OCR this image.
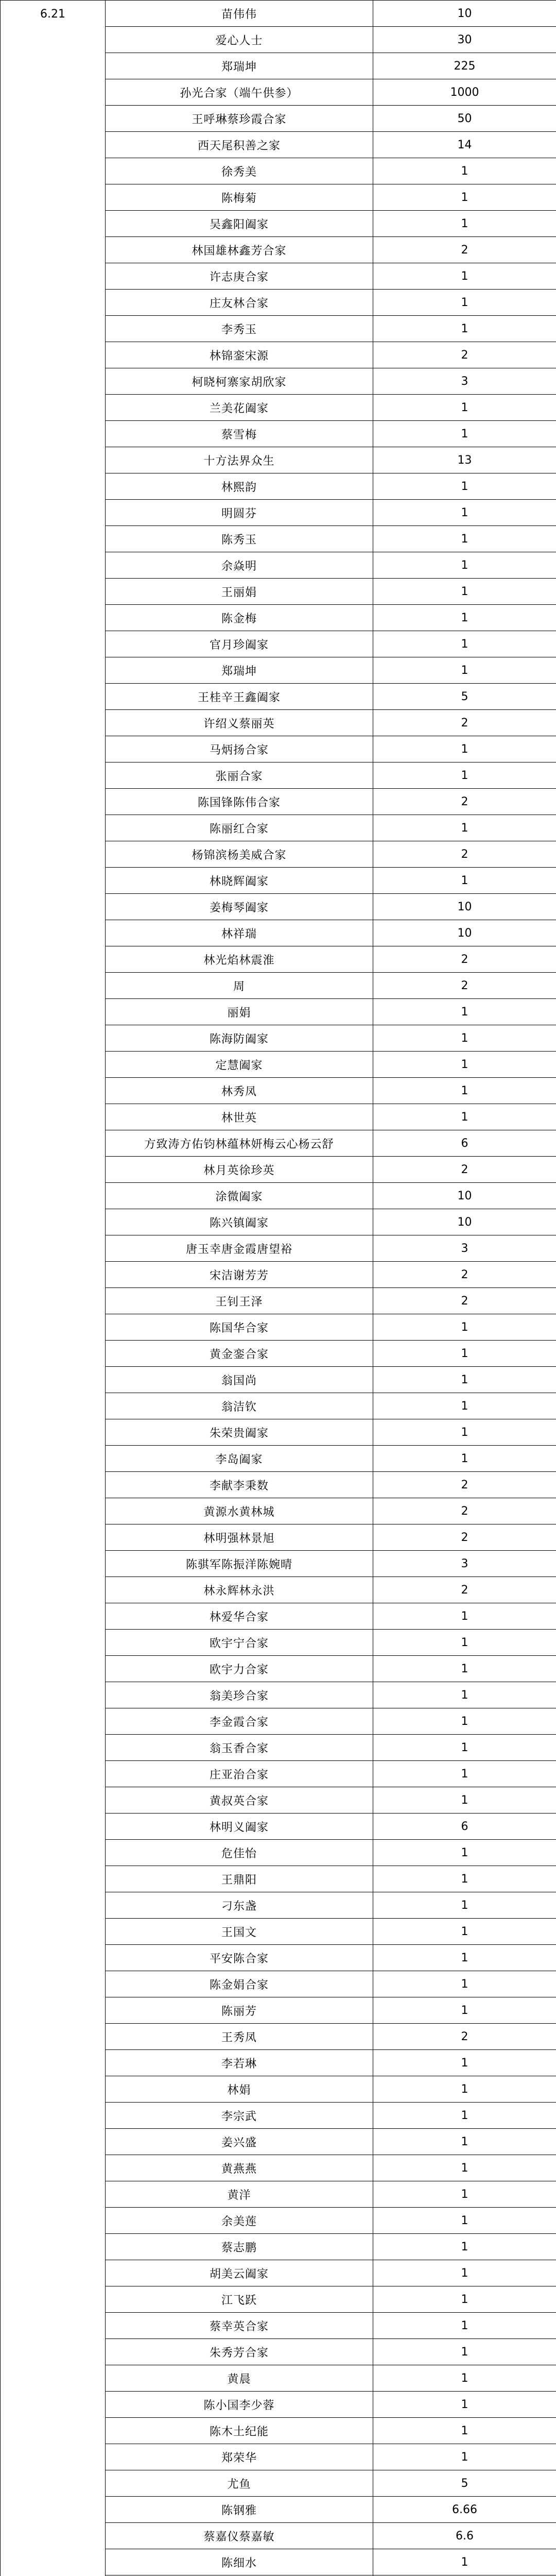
6.21	苗伟伟	10
	爱心人士	30
	郑瑞坤	225
	孙光合家（端午供参）	1000
	王呼琳蔡珍霞合家	50
	西天尾积善之家	14
	徐秀美	1
	陈梅菊	1
	吴鑫阳阖家	1
	林国雄林鑫芳合家	2
	许志庚合家	1
	庄友林合家	1
	李秀玉	1
	林锦銮宋源	2
	柯晓柯寨家胡欣家	3
	兰美花阖家	1
	蔡雪梅	1
	十方法界众生	13
	林熙韵	1
	明圆芬	1
	陈秀玉	1
	余焱明	1
	王丽娟	1
	陈金梅	1
	官月珍阖家	1
	郑瑞坤	1
	王桂辛王鑫阖家	5
	许绍义蔡丽英	2
	马炳扬合家	1
	张丽合家	1
	陈国锋陈伟合家	2
	陈丽红合家	1
	杨锦滨杨美威合家	2
	林晓辉阖家	1
	姜梅琴阖家	10
	林祥瑞	10
	林光焰林震淮	2
	周	2
	丽娟	1
	陈海防阖家	1
	定慧阖家	1
	林秀凤	1
	林世英	1
	方致涛方佑钧林蕴林妍梅云心杨云舒	6
	林月英徐珍英	2
	涂微阖家	10
	陈兴镇阖家	10
	唐玉幸唐金霞唐望裕	3
	宋洁谢芳芳	2
	王钊王泽	2
	陈国华合家	1
	黄金銮合家	1
	翁国尚	1
	翁洁钦	1
	朱荣贵阖家	1
	李岛阖家	1
	李献李秉数	2
	黄源水黄林城	2
	林明强林景旭	2
	陈骐军陈振洋陈婉晴	3
	林永辉林永洪	2
	林爱华合家	1
	欧宇宁合家	1
	欧宇力合家	1
	翁美珍合家	1
	李金霞合家	1
	翁玉香合家	1
	庄亚治合家	1
	黄叔英合家	1
	林明义阖家	6
	危佳怡	1
	王鼎阳	1
	刁东盏	1
	王国文	1
	平安陈合家	1
	陈金娟合家	1
	陈丽芳	1
	王秀凤	2
	李若琳	1
	林娟	1
	李宗武	1
	姜兴盛	1
	黄燕燕	1
	黄洋	1
	余美莲	1
	蔡志鹏	1
	胡美云阖家	1
	江飞跃	1
	蔡幸英合家	1
	朱秀芳合家	1
	黄晨	1
	陈小国李少蓉	1
	陈木土纪能	1
	郑荣华	1
	尤鱼	5
	陈钢雅	6.66
	蔡嘉仪蔡嘉敏	6.6
	陈细水	1
